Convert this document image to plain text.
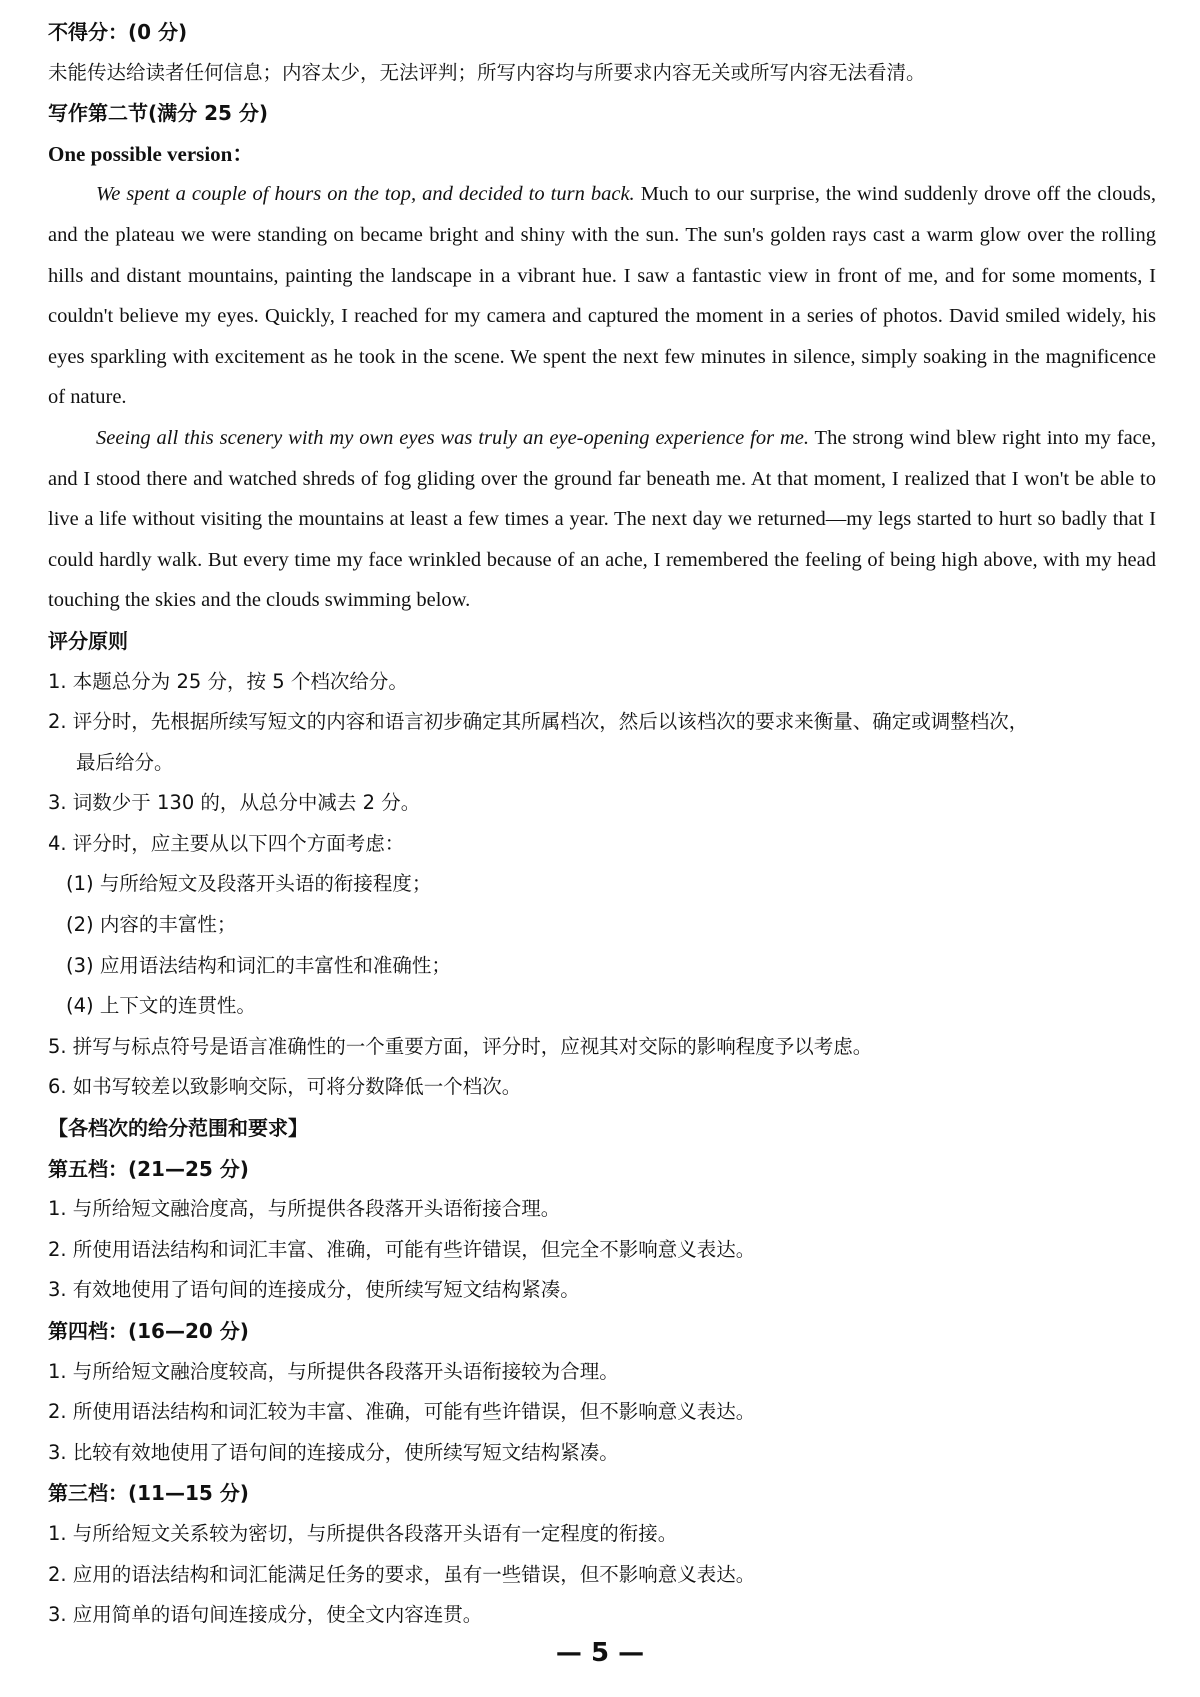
不得分：(0 分)
未能传达给读者任何信息；内容太少，无法评判；所写内容均与所要求内容无关或所写内容无法看清。
写作第二节(满分 25 分)
One possible version：

We spent a couple of hours on the top, and decided to turn back. Much to our surprise, the wind suddenly drove off the clouds, and the plateau we were standing on became bright and shiny with the sun. The sun's golden rays cast a warm glow over the rolling hills and distant mountains, painting the landscape in a vibrant hue. I saw a fantastic view in front of me, and for some moments, I couldn't believe my eyes. Quickly, I reached for my camera and captured the moment in a series of photos. David smiled widely, his eyes sparkling with excitement as he took in the scene. We spent the next few minutes in silence, simply soaking in the magnificence of nature.

Seeing all this scenery with my own eyes was truly an eye-opening experience for me. The strong wind blew right into my face, and I stood there and watched shreds of fog gliding over the ground far beneath me. At that moment, I realized that I won't be able to live a life without visiting the mountains at least a few times a year. The next day we returned—my legs started to hurt so badly that I could hardly walk. But every time my face wrinkled because of an ache, I remembered the feeling of being high above, with my head touching the skies and the clouds swimming below.

评分原则
1. 本题总分为 25 分，按 5 个档次给分。
2. 评分时，先根据所续写短文的内容和语言初步确定其所属档次，然后以该档次的要求来衡量、确定或调整档次，
最后给分。
3. 词数少于 130 的，从总分中减去 2 分。
4. 评分时，应主要从以下四个方面考虑：
(1) 与所给短文及段落开头语的衔接程度；
(2) 内容的丰富性；
(3) 应用语法结构和词汇的丰富性和准确性；
(4) 上下文的连贯性。
5. 拼写与标点符号是语言准确性的一个重要方面，评分时，应视其对交际的影响程度予以考虑。
6. 如书写较差以致影响交际，可将分数降低一个档次。
【各档次的给分范围和要求】
第五档：(21—25 分)
1. 与所给短文融洽度高，与所提供各段落开头语衔接合理。
2. 所使用语法结构和词汇丰富、准确，可能有些许错误，但完全不影响意义表达。
3. 有效地使用了语句间的连接成分，使所续写短文结构紧凑。
第四档：(16—20 分)
1. 与所给短文融洽度较高，与所提供各段落开头语衔接较为合理。
2. 所使用语法结构和词汇较为丰富、准确，可能有些许错误，但不影响意义表达。
3. 比较有效地使用了语句间的连接成分，使所续写短文结构紧凑。
第三档：(11—15 分)
1. 与所给短文关系较为密切，与所提供各段落开头语有一定程度的衔接。
2. 应用的语法结构和词汇能满足任务的要求，虽有一些错误，但不影响意义表达。
3. 应用简单的语句间连接成分，使全文内容连贯。
— 5 —
